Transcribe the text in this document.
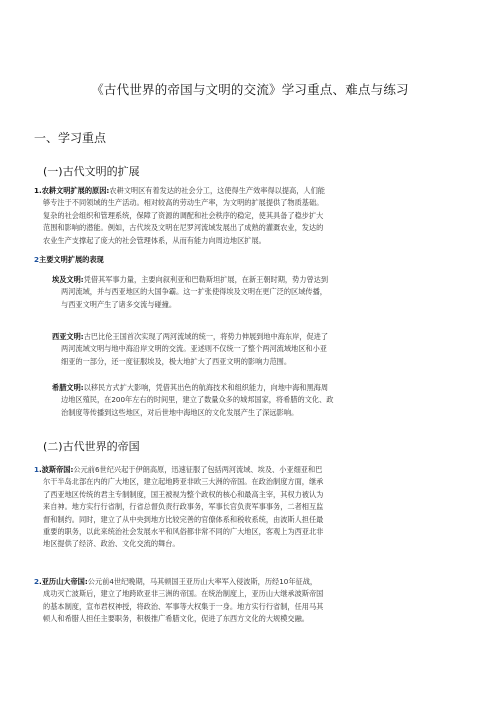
《古代世界的帝国与文明的交流》学习重点、难点与练习
一、学习重点
(一)古代文明的扩展
1.农耕文明扩展的原因:农耕文明区有着发达的社会分工，这使得生产效率得以提高，人们能
够专注于不同领域的生产活动。相对较高的劳动生产率，为文明的扩展提供了物质基础。
复杂的社会组织和管理系统，保障了资源的调配和社会秩序的稳定，使其具备了稳步扩大
范围和影响的潜能。例如，古代埃及文明在尼罗河流域发展出了成熟的灌溉农业，发达的
农业生产支撑起了庞大的社会管理体系，从而有能力向周边地区扩展。
2主要文明扩展的表现
埃及文明:凭借其军事力量，主要向叙利亚和巴勒斯坦扩展，在新王朝时期，势力曾达到
两河流域，并与西亚地区的大国争霸。这一扩张使得埃及文明在更广泛的区域传播，
与西亚文明产生了诸多交流与碰撞。
西亚文明:古巴比伦王国首次实现了两河流域的统一，将势力伸展到地中海东岸，促进了
两河流域文明与地中海沿岸文明的交流。亚述则不仅统一了整个两河流域地区和小亚
细亚的一部分，还一度征服埃及，极大地扩大了西亚文明的影响力范围。
希腊文明:以移民方式扩大影响，凭借其出色的航海技术和组织能力，向地中海和黑海周
边地区殖民，在200年左右的时间里，建立了数量众多的城邦国家，将希腊的文化、政
治制度等传播到这些地区，对后世地中海地区的文化发展产生了深远影响。
(二)古代世界的帝国
1.波斯帝国:公元前6世纪兴起于伊朗高原，迅速征服了包括两河流域、埃及、小亚细亚和巴
尔干半岛北部在内的广大地区，建立起地跨亚非欧三大洲的帝国。在政治制度方面，继承
了西亚地区传统的君主专制制度，国王被视为整个政权的核心和最高主宰，其权力被认为
来自神。地方实行行省制，行省总督负责行政事务，军事长官负责军事事务，二者相互监
督和制约。同时，建立了从中央到地方比较完善的官僚体系和税收系统，由波斯人担任最
重要的职务，以此来统治社会发展水平和风俗都非常不同的广大地区，客观上为西亚北非
地区提供了经济、政治、文化交流的舞台。
2.亚历山大帝国:公元前4世纪晚期，马其顿国王亚历山大率军入侵波斯，历经10年征战，
成功灭亡波斯后，建立了地跨欧亚非三洲的帝国。在统治制度上，亚历山大继承波斯帝国
的基本制度，宣布君权神授，将政治、军事等大权集于一身。地方实行行省制，任用马其
顿人和希腊人担任主要职务，积极推广希腊文化，促进了东西方文化的大规模交融。
